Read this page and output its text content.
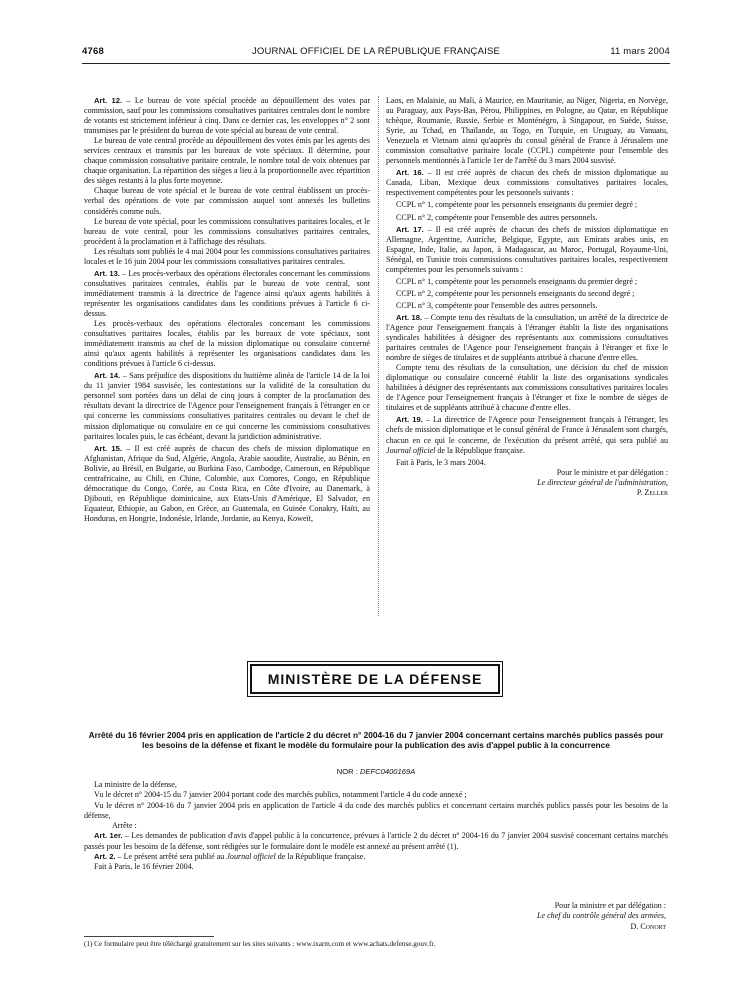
4768	JOURNAL OFFICIEL DE LA RÉPUBLIQUE FRANÇAISE	11 mars 2004

Art. 12. – Le bureau de vote spécial procède au dépouillement des votes par commission, sauf pour les commissions consultatives paritaires centrales dont le nombre de votants est strictement inférieur à cinq. Dans ce dernier cas, les enveloppes n° 2 sont transmises par le président du bureau de vote spécial au bureau de vote central.

Le bureau de vote central procède au dépouillement des votes émis par les agents des services centraux et transmis par les bureaux de vote spéciaux. Il détermine, pour chaque commission consultative paritaire centrale, le nombre total de voix obtenues par chaque organisation. La répartition des sièges a lieu à la proportionnelle avec répartition des sièges restants à la plus forte moyenne.

Chaque bureau de vote spécial et le bureau de vote central établissent un procès-verbal des opérations de vote par commission auquel sont annexés les bulletins considérés comme nuls.

Le bureau de vote spécial, pour les commissions consultatives paritaires locales, et le bureau de vote central, pour les commissions consultatives paritaires centrales, procèdent à la proclamation et à l'affichage des résultats.

Les résultats sont publiés le 4 mai 2004 pour les commissions consultatives paritaires locales et le 16 juin 2004 pour les commissions consultatives paritaires centrales.

Art. 13. – Les procès-verbaux des opérations électorales concernant les commissions consultatives paritaires centrales, établis par le bureau de vote central, sont immédiatement transmis à la directrice de l'agence ainsi qu'aux agents habilités à représenter les organisations candidates dans les conditions prévues à l'article 6 ci-dessus.

Les procès-verbaux des opérations électorales concernant les commissions consultatives paritaires locales, établis par les bureaux de vote spéciaux, sont immédiatement transmis au chef de la mission diplomatique ou consulaire concerné ainsi qu'aux agents habilités à représenter les organisations candidates dans les conditions prévues à l'article 6 ci-dessus.

Art. 14. – Sans préjudice des dispositions du huitième alinéa de l'article 14 de la loi du 11 janvier 1984 susvisée, les contestations sur la validité de la consultation du personnel sont portées dans un délai de cinq jours à compter de la proclamation des résultats devant la directrice de l'Agence pour l'enseignement français à l'étranger en ce qui concerne les commissions consultatives paritaires centrales ou devant le chef de mission diplomatique ou consulaire en ce qui concerne les commissions consultatives paritaires locales puis, le cas échéant, devant la juridiction administrative.

Art. 15. – Il est créé auprès de chacun des chefs de mission diplomatique en Afghanistan, Afrique du Sud, Algérie, Angola, Arabie saoudite, Australie, au Bénin, en Bolivie, au Brésil, en Bulgarie, au Burkina Faso, Cambodge, Cameroun, en République centrafricaine, au Chili, en Chine, Colombie, aux Comores, Congo, en République démocratique du Congo, Corée, au Costa Rica, en Côte d'Ivoire, au Danemark, à Djibouti, en République dominicaine, aux Etats-Unis d'Amérique, El Salvador, en Equateur, Ethiopie, au Gabon, en Grèce, au Guatemala, en Guinée Conakry, Haïti, au Honduras, en Hongrie, Indonésie, Irlande, Jordanie, au Kenya, Koweït,

Laos, en Malaisie, au Mali, à Maurice, en Mauritanie, au Niger, Nigeria, en Norvège, au Paraguay, aux Pays-Bas, Pérou, Philippines, en Pologne, au Qatar, en République tchèque, Roumanie, Russie, Serbie et Monténégro, à Singapour, en Suède, Suisse, Syrie, au Tchad, en Thaïlande, au Togo, en Turquie, en Uruguay, au Vanuatu, Venezuela et Vietnam ainsi qu'auprès du consul général de France à Jérusalem une commission consultative paritaire locale (CCPL) compétente pour l'ensemble des personnels mentionnés à l'article 1er de l'arrêté du 3 mars 2004 susvisé.

Art. 16. – Il est créé auprès de chacun des chefs de mission diplomatique au Canada, Liban, Mexique deux commissions consultatives paritaires locales, respectivement compétentes pour les personnels suivants :

CCPL n° 1, compétente pour les personnels enseignants du premier degré ;

CCPL n° 2, compétente pour l'ensemble des autres personnels.

Art. 17. – Il est créé auprès de chacun des chefs de mission diplomatique en Allemagne, Argentine, Autriche, Belgique, Egypte, aux Emirats arabes unis, en Espagne, Inde, Italie, au Japon, à Madagascar, au Maroc, Portugal, Royaume-Uni, Sénégal, en Tunisie trois commissions consultatives paritaires locales, respectivement compétentes pour les personnels suivants :

CCPL n° 1, compétente pour les personnels enseignants du premier degré ;

CCPL n° 2, compétente pour les personnels enseignants du second degré ;

CCPL n° 3, compétente pour l'ensemble des autres personnels.

Art. 18. – Compte tenu des résultats de la consultation, un arrêté de la directrice de l'Agence pour l'enseignement français à l'étranger établit la liste des organisations syndicales habilitées à désigner des représentants aux commissions consultatives paritaires centrales de l'Agence pour l'enseignement français à l'étranger et fixe le nombre de sièges de titulaires et de suppléants attribué à chacune d'entre elles.

Compte tenu des résultats de la consultation, une décision du chef de mission diplomatique ou consulaire concerné établit la liste des organisations syndicales habilitées à désigner des représentants aux commissions consultatives paritaires locales de l'Agence pour l'enseignement français à l'étranger et fixe le nombre de sièges de titulaires et de suppléants attribué à chacune d'entre elles.

Art. 19. – La directrice de l'Agence pour l'enseignement français à l'étranger, les chefs de mission diplomatique et le consul général de France à Jérusalem sont chargés, chacun en ce qui le concerne, de l'exécution du présent arrêté, qui sera publié au Journal officiel de la République française.

Fait à Paris, le 3 mars 2004.

Pour le ministre et par délégation :
Le directeur général de l'administration,
P. Zeller
MINISTÈRE DE LA DÉFENSE
Arrêté du 16 février 2004 pris en application de l'article 2 du décret n° 2004-16 du 7 janvier 2004 concernant certains marchés publics passés pour les besoins de la défense et fixant le modèle du formulaire pour la publication des avis d'appel public à la concurrence
NOR : DEFC0400169A

La ministre de la défense,

Vu le décret n° 2004-15 du 7 janvier 2004 portant code des marchés publics, notamment l'article 4 du code annexé ;

Vu le décret n° 2004-16 du 7 janvier 2004 pris en application de l'article 4 du code des marchés publics et concernant certains marchés publics passés pour les besoins de la défense,

Arrête :

Art. 1er. – Les demandes de publication d'avis d'appel public à la concurrence, prévues à l'article 2 du décret n° 2004-16 du 7 janvier 2004 susvisé concernant certains marchés passés pour les besoins de la défense, sont rédigées sur le formulaire dont le modèle est annexé au présent arrêté (1).

Art. 2. – Le présent arrêté sera publié au Journal officiel de la République française.

Fait à Paris, le 16 février 2004.

Pour la ministre et par délégation :
Le chef du contrôle général des armées,
D. Conort
(1) Ce formulaire peut être téléchargé gratuitement sur les sites suivants : www.ixarm.com et www.achats.defense.gouv.fr.
